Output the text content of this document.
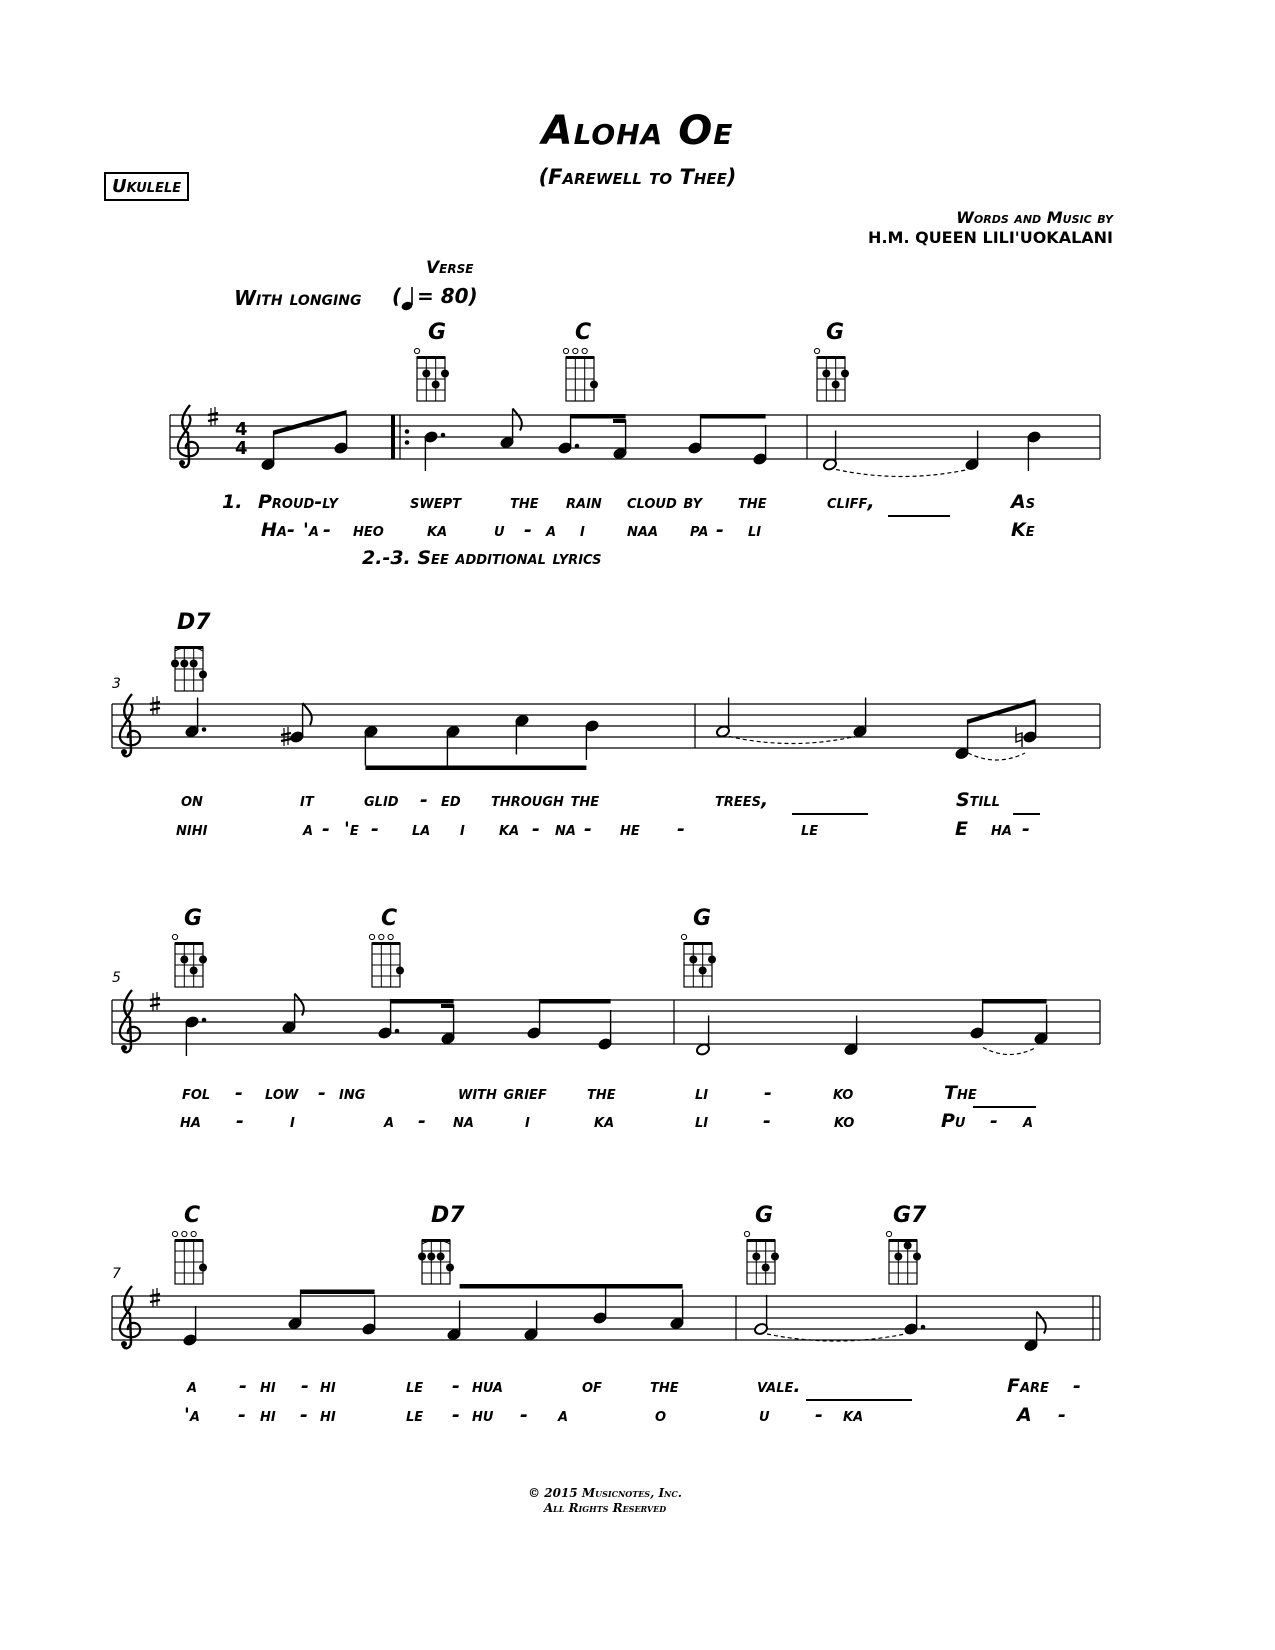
Aloha Oe
(Farewell to Thee)
Ukulele
Words and Music by
H.M. QUEEN LILI'UOKALANI
Verse
With longing ( = 80)
G	C	G
D7
G	C	G
C	D7	G	G7
3
5
7
4
4
1.
2.-3. See additional lyrics
Proud-ly	swept	the rain cloud by the	cliff,	As
Ha - 'a - heo ka u - a i naa pa - li	Ke
on	it	glid - ed through the	trees,	Still
nihi	a - 'e - la i ka - na - he -	le	E ha -
fol - low - ing	with grief the	li	-	ko	The
ha - i	a - na	i	ka	li	-	ko	Pu - a
a - hi - hi	le - hua	of	the	vale.	Fare -
'a - hi - hi	le - hu - a	o	u - ka	A -
© 2015 Musicnotes, Inc.
All Rights Reserved
